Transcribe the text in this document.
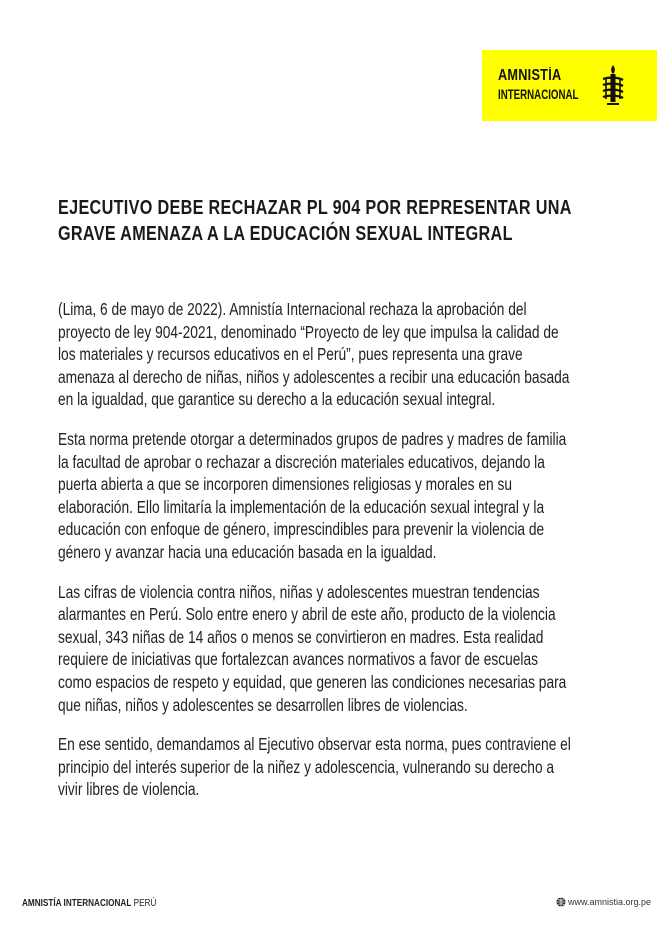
AMNISTÍA
INTERNACIONAL
EJECUTIVO DEBE RECHAZAR PL 904 POR REPRESENTAR UNA
GRAVE AMENAZA A LA EDUCACIÓN SEXUAL INTEGRAL

(Lima, 6 de mayo de 2022). Amnistía Internacional rechaza la aprobación del
proyecto de ley 904-2021, denominado “Proyecto de ley que impulsa la calidad de
los materiales y recursos educativos en el Perú”, pues representa una grave
amenaza al derecho de niñas, niños y adolescentes a recibir una educación basada
en la igualdad, que garantice su derecho a la educación sexual integral.

Esta norma pretende otorgar a determinados grupos de padres y madres de familia
la facultad de aprobar o rechazar a discreción materiales educativos, dejando la
puerta abierta a que se incorporen dimensiones religiosas y morales en su
elaboración. Ello limitaría la implementación de la educación sexual integral y la
educación con enfoque de género, imprescindibles para prevenir la violencia de
género y avanzar hacia una educación basada en la igualdad.

Las cifras de violencia contra niños, niñas y adolescentes muestran tendencias
alarmantes en Perú. Solo entre enero y abril de este año, producto de la violencia
sexual, 343 niñas de 14 años o menos se convirtieron en madres. Esta realidad
requiere de iniciativas que fortalezcan avances normativos a favor de escuelas
como espacios de respeto y equidad, que generen las condiciones necesarias para
que niñas, niños y adolescentes se desarrollen libres de violencias.

En ese sentido, demandamos al Ejecutivo observar esta norma, pues contraviene el
principio del interés superior de la niñez y adolescencia, vulnerando su derecho a
vivir libres de violencia.

AMNISTÍA INTERNACIONAL PERÚ	www.amnistia.org.pe
